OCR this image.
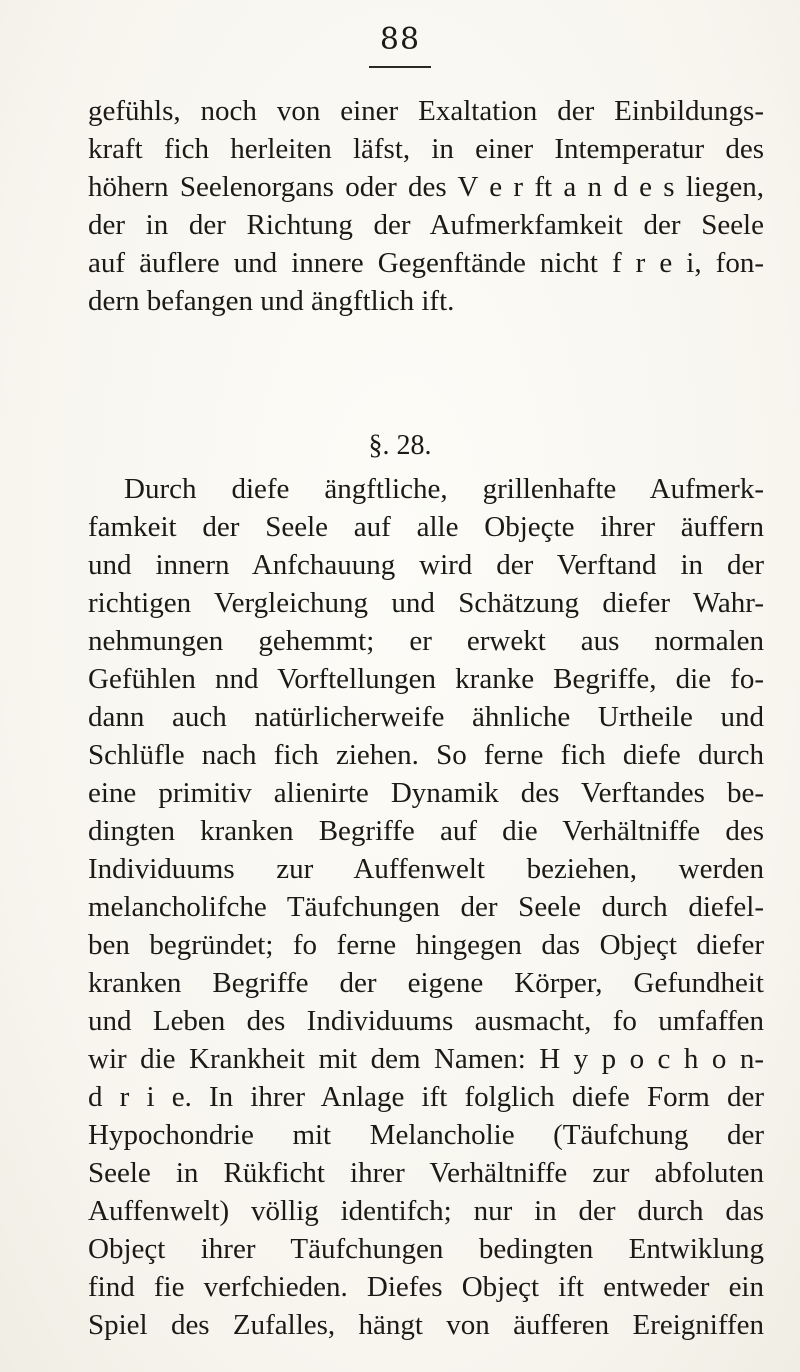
88
gefühls, noch von einer Exaltation der Einbildungs-
kraft fich herleiten läfst, in einer Intemperatur des
höhern Seelenorgans oder des V e r ft a n d e s liegen,
der in der Richtung der Aufmerkfamkeit der Seele
auf äuflere und innere Gegenftände nicht f r e i, fon-
dern befangen und ängftlich ift.
§. 28.
Durch diefe ängftliche, grillenhafte Aufmerk-
famkeit der Seele auf alle Objeçte ihrer äuffern
und innern Anfchauung wird der Verftand in der
richtigen Vergleichung und Schätzung diefer Wahr-
nehmungen gehemmt; er erwekt aus normalen
Gefühlen nnd Vorftellungen kranke Begriffe, die fo-
dann auch natürlicherweife ähnliche Urtheile und
Schlüfle nach fich ziehen. So ferne fich diefe durch
eine primitiv alienirte Dynamik des Verftandes be-
dingten kranken Begriffe auf die Verhältniffe des
Individuums zur Auffenwelt beziehen, werden
melancholifche Täufchungen der Seele durch diefel-
ben begründet; fo ferne hingegen das Objeçt diefer
kranken Begriffe der eigene Körper, Gefundheit
und Leben des Individuums ausmacht, fo umfaffen
wir die Krankheit mit dem Namen: H y p o c h o n-
d r i e. In ihrer Anlage ift folglich diefe Form der
Hypochondrie mit Melancholie (Täufchung der
Seele in Rükficht ihrer Verhältniffe zur abfoluten
Auffenwelt) völlig identifch; nur in der durch das
Objeçt ihrer Täufchungen bedingten Entwiklung
find fie verfchieden. Diefes Objeçt ift entweder ein
Spiel des Zufalles, hängt von äufferen Ereigniffen
